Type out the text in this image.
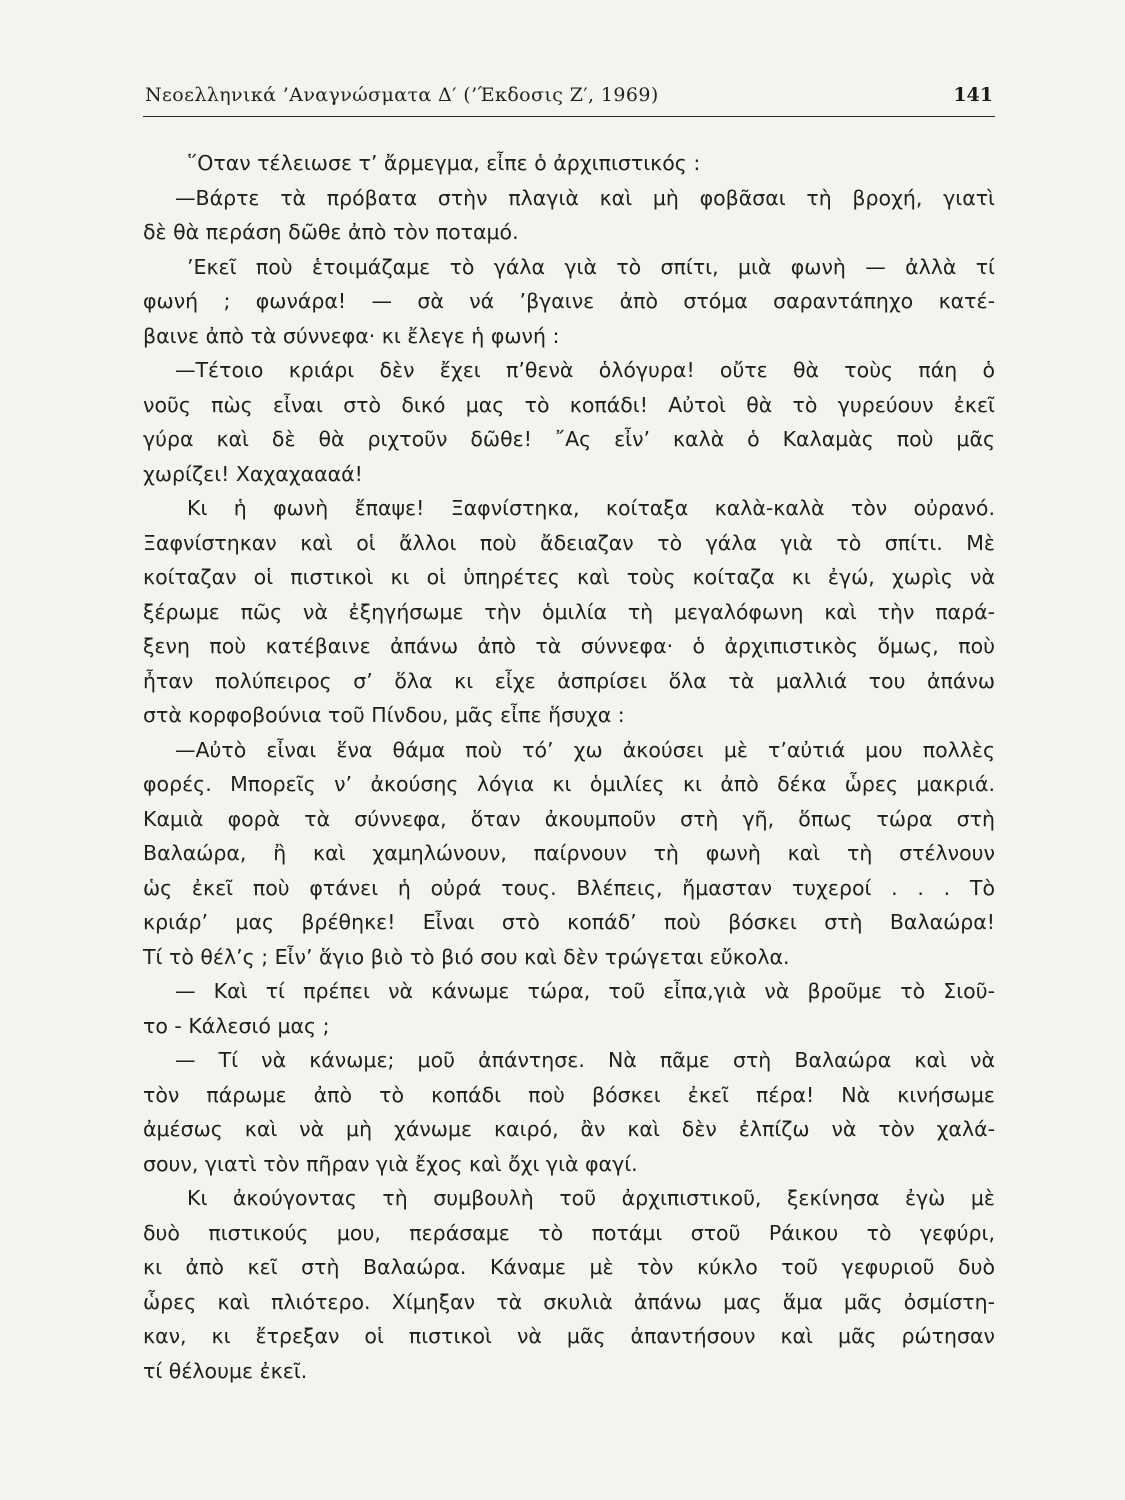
Νεοελληνικά ’Αναγνώσματα Δ′ (’Έκδοσις Ζ′, 1969)	141
῞Οταν τέλειωσε τ’ ἄρμεγμα, εἶπε ὁ ἀρχιπιστικός :
—Βάρτε τὰ πρόβατα στὴν πλαγιὰ καὶ μὴ φοβᾶσαι τὴ βροχή, γιατὶ
δὲ θὰ περάση δῶθε ἀπὸ τὸν ποταμό.
’Εκεῖ ποὺ ἑτοιμάζαμε τὸ γάλα γιὰ τὸ σπίτι, μιὰ φωνὴ — ἀλλὰ τί
φωνή ; φωνάρα! — σὰ νά ’βγαινε ἀπὸ στόμα σαραντάπηχο κατέ-
βαινε ἀπὸ τὰ σύννεφα· κι ἔλεγε ἡ φωνή :
—Τέτοιο κριάρι δὲν ἔχει π’θενὰ ὁλόγυρα! οὔτε θὰ τοὺς πάη ὁ
νοῦς πὼς εἶναι στὸ δικό μας τὸ κοπάδι! Αὐτοὶ θὰ τὸ γυρεύουν ἐκεῖ
γύρα καὶ δὲ θὰ ριχτοῦν δῶθε! ῎Ας εἶν’ καλὰ ὁ Καλαμὰς ποὺ μᾶς
χωρίζει! Χαχαχαααά!
Κι ἡ φωνὴ ἔπαψε! Ξαφνίστηκα, κοίταξα καλὰ-καλὰ τὸν οὐρανό.
Ξαφνίστηκαν καὶ οἱ ἄλλοι ποὺ ἄδειαζαν τὸ γάλα γιὰ τὸ σπίτι. Μὲ
κοίταζαν οἱ πιστικοὶ κι οἱ ὑπηρέτες καὶ τοὺς κοίταζα κι ἐγώ, χωρὶς νὰ
ξέρωμε πῶς νὰ ἐξηγήσωμε τὴν ὁμιλία τὴ μεγαλόφωνη καὶ τὴν παρά-
ξενη ποὺ κατέβαινε ἀπάνω ἀπὸ τὰ σύννεφα· ὁ ἀρχιπιστικὸς ὅμως, ποὺ
ἦταν πολύπειρος σ’ ὅλα κι εἶχε ἀσπρίσει ὅλα τὰ μαλλιά του ἀπάνω
στὰ κορφοβούνια τοῦ Πίνδου, μᾶς εἶπε ἥσυχα :
—Αὐτὸ εἶναι ἕνα θάμα ποὺ τό’ χω ἀκούσει μὲ τ’αὐτιά μου πολλὲς
φορές. Μπορεῖς ν’ ἀκούσης λόγια κι ὁμιλίες κι ἀπὸ δέκα ὧρες μακριά.
Καμιὰ φορὰ τὰ σύννεφα, ὅταν ἀκουμποῦν στὴ γῆ, ὅπως τώρα στὴ
Βαλαώρα, ἢ καὶ χαμηλώνουν, παίρνουν τὴ φωνὴ καὶ τὴ στέλνουν
ὡς ἐκεῖ ποὺ φτάνει ἡ οὐρά τους. Βλέπεις, ἤμασταν τυχεροί . . . Τὸ
κριάρ’ μας βρέθηκε! Εἶναι στὸ κοπάδ’ ποὺ βόσκει στὴ Βαλαώρα!
Τί τὸ θέλ’ς ; Εἶν’ ἅγιο βιὸ τὸ βιό σου καὶ δὲν τρώγεται εὔκολα.
— Καὶ τί πρέπει νὰ κάνωμε τώρα, τοῦ εἶπα,γιὰ νὰ βροῦμε τὸ Σιοῦ-
το - Κάλεσιό μας ;
— Τί νὰ κάνωμε; μοῦ ἀπάντησε. Νὰ πᾶμε στὴ Βαλαώρα καὶ νὰ
τὸν πάρωμε ἀπὸ τὸ κοπάδι ποὺ βόσκει ἐκεῖ πέρα! Νὰ κινήσωμε
ἀμέσως καὶ νὰ μὴ χάνωμε καιρό, ἂν καὶ δὲν ἐλπίζω νὰ τὸν χαλά-
σουν, γιατὶ τὸν πῆραν γιὰ ἔχος καὶ ὄχι γιὰ φαγί.
Κι ἀκούγοντας τὴ συμβουλὴ τοῦ ἀρχιπιστικοῦ, ξεκίνησα ἐγὼ μὲ
δυὸ πιστικούς μου, περάσαμε τὸ ποτάμι στοῦ Ράικου τὸ γεφύρι,
κι ἀπὸ κεῖ στὴ Βαλαώρα. Κάναμε μὲ τὸν κύκλο τοῦ γεφυριοῦ δυὸ
ὧρες καὶ πλιότερο. Χίμηξαν τὰ σκυλιὰ ἀπάνω μας ἅμα μᾶς ὀσμίστη-
καν, κι ἔτρεξαν οἱ πιστικοὶ νὰ μᾶς ἀπαντήσουν καὶ μᾶς ρώτησαν
τί θέλουμε ἐκεῖ.
